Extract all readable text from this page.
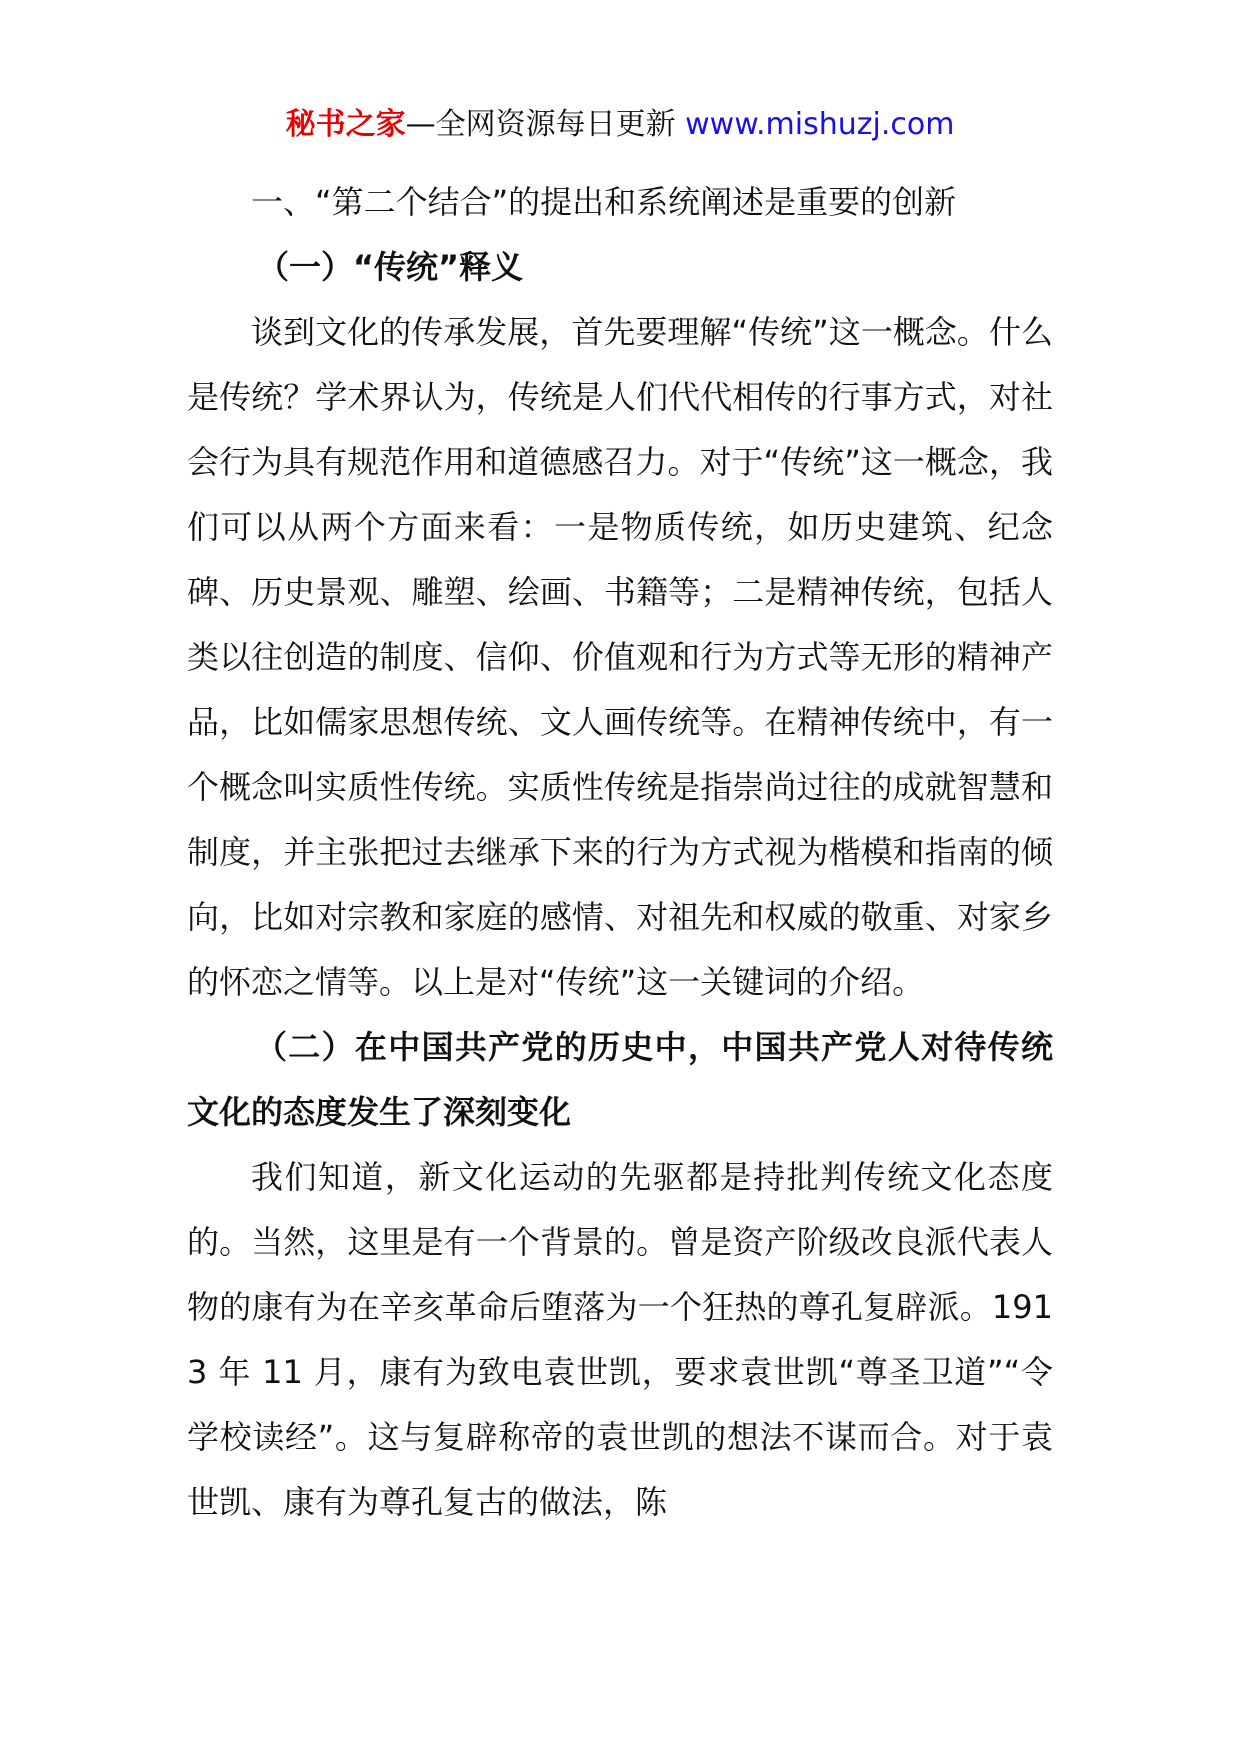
秘书之家—全网资源每日更新 www.mishuzj.com

一、“第二个结合”的提出和系统阐述是重要的创新

（一）“传统”释义

谈到文化的传承发展，首先要理解“传统”这一概念。什么是传统？学术界认为，传统是人们代代相传的行事方式，对社会行为具有规范作用和道德感召力。对于“传统”这一概念，我们可以从两个方面来看：一是物质传统，如历史建筑、纪念碑、历史景观、雕塑、绘画、书籍等；二是精神传统，包括人类以往创造的制度、信仰、价值观和行为方式等无形的精神产品，比如儒家思想传统、文人画传统等。在精神传统中，有一个概念叫实质性传统。实质性传统是指崇尚过往的成就智慧和制度，并主张把过去继承下来的行为方式视为楷模和指南的倾向，比如对宗教和家庭的感情、对祖先和权威的敬重、对家乡的怀恋之情等。以上是对“传统”这一关键词的介绍。

（二）在中国共产党的历史中，中国共产党人对待传统文化的态度发生了深刻变化

我们知道，新文化运动的先驱都是持批判传统文化态度的。当然，这里是有一个背景的。曾是资产阶级改良派代表人物的康有为在辛亥革命后堕落为一个狂热的尊孔复辟派。1913 年 11 月，康有为致电袁世凯，要求袁世凯“尊圣卫道”“令学校读经”。这与复辟称帝的袁世凯的想法不谋而合。对于袁世凯、康有为尊孔复古的做法，陈
